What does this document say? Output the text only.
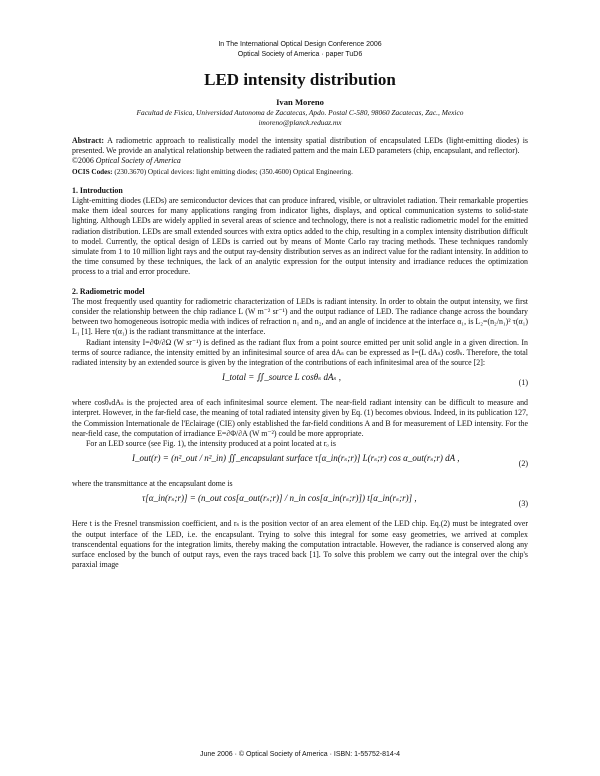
In The International Optical Design Conference 2006
Optical Society of America · paper TuD6
LED intensity distribution
Ivan Moreno
Facultad de Fisica, Universidad Autonoma de Zacatecas, Apdo. Postal C-580, 98060 Zacatecas, Zac., Mexico
imoreno@planck.reduaz.mx

Abstract: A radiometric approach to realistically model the intensity spatial distribution of encapsulated LEDs (light-emitting diodes) is presented. We provide an analytical relationship between the radiated pattern and the main LED parameters (chip, encapsulant, and reflector).

©2006 Optical Society of America

OCIS Codes: (230.3670) Optical devices: light emitting diodes; (350.4600) Optical Engineering.

1. Introduction

Light-emitting diodes (LEDs) are semiconductor devices that can produce infrared, visible, or ultraviolet radiation. Their remarkable properties make them ideal sources for many applications ranging from indicator lights, displays, and optical communication systems to solid-state lighting. Although LEDs are widely applied in several areas of science and technology, there is not a realistic radiometric model for the emitted radiation distribution. LEDs are small extended sources with extra optics added to the chip, resulting in a complex intensity distribution difficult to model. Currently, the optical design of LEDs is carried out by means of Monte Carlo ray tracing methods. These techniques randomly simulate from 1 to 10 million light rays and the output ray-density distribution serves as an indirect value for the radiant intensity. In addition to the time consumed by these techniques, the lack of an analytic expression for the output intensity and irradiance reduces the optimization process to a trial and error procedure.

2. Radiometric model

The most frequently used quantity for radiometric characterization of LEDs is radiant intensity. In order to obtain the output intensity, we first consider the relationship between the chip radiance L (W m⁻² sr⁻¹) and the output radiance of LED. The radiance change across the boundary between two homogeneous isotropic media with indices of refraction n₁ and n₂, and an angle of incidence at the interface α₁, is L₂=(n₂/n₁)² τ(α₁) L₁ [1]. Here τ(α₁) is the radiant transmittance at the interface.

Radiant intensity I=∂Φ/∂Ω (W sr⁻¹) is defined as the radiant flux from a point source emitted per unit solid angle in a given direction. In terms of source radiance, the intensity emitted by an infinitesimal source of area dAₛ can be expressed as I=(L dAₛ) cosθₛ. Therefore, the total radiated intensity by an extended source is given by the integration of the contributions of each infinitesimal area of the source [2]:

I_total = ∬_source L cosθₛ dAₛ ,
(1)

where cosθₛdAₛ is the projected area of each infinitesimal source element. The near-field radiant intensity can be difficult to measure and interpret. However, in the far-field case, the meaning of total radiated intensity given by Eq. (1) becomes obvious. Indeed, in its publication 127, the Commission Internationale de l'Eclairage (CIE) only established the far-field conditions A and B for measurement of LED intensity. For the near-field case, the computation of irradiance E=∂Φ/∂A (W m⁻²) could be more appropriate.

For an LED source (see Fig. 1), the intensity produced at a point located at rₒ is

I_out(r) = (n²_out / n²_in) ∬_encapsulant surface τ[α_in(rₛ;r)] L(rₛ;r) cos α_out(rₛ;r) dA ,
(2)

where the transmittance at the encapsulant dome is

τ[α_in(rₛ;r)] = (n_out cos[α_out(rₛ;r)] / n_in cos[α_in(rₛ;r)]) t[α_in(rₛ;r)] ,
(3)

Here t is the Fresnel transmission coefficient, and rₛ is the position vector of an area element of the LED chip. Eq.(2) must be integrated over the output interface of the LED, i.e. the encapsulant. Trying to solve this integral for some easy geometries, we arrived at complex transcendental equations for the integration limits, thereby making the computation intractable. However, the radiance is conserved along any surface enclosed by the bunch of output rays, even the rays traced back [1]. To solve this problem we carry out the integral over the chip's paraxial image

June 2006 · © Optical Society of America · ISBN: 1-55752-814-4
